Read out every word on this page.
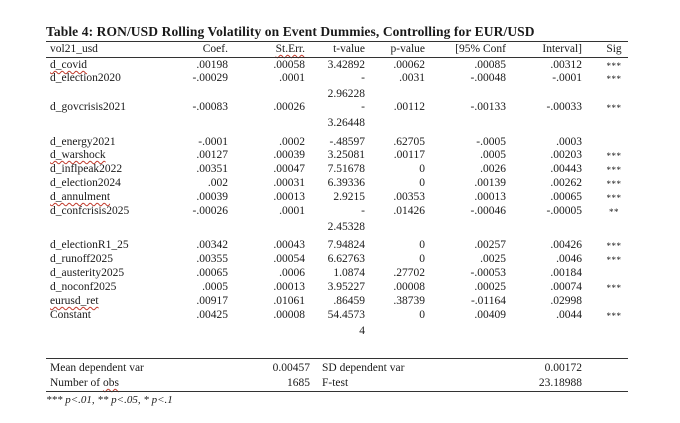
Table 4: RON/USD Rolling Volatility on Event Dummies, Controlling for EUR/USD
vol21_usd	Coef.	St.Err.	t-value	p-value	[95% Conf	Interval]	Sig
d_covid	.00198	.00058	3.42892	.00062	.00085	.00312	***
d_election2020	-.00029	.0001	-	.0031	-.00048	-.0001	***
2.96228
d_govcrisis2021	-.00083	.00026	-	.00112	-.00133	-.00033	***
3.26448
d_energy2021	-.0001	.0002	-.48597	.62705	-.0005	.0003
d_warshock	.00127	.00039	3.25081	.00117	.0005	.00203	***
d_inflpeak2022	.00351	.00047	7.51678	0	.0026	.00443	***
d_election2024	.002	.00031	6.39336	0	.00139	.00262	***
d_annulment	.00039	.00013	2.9215	.00353	.00013	.00065	***
d_confcrisis2025	-.00026	.0001	-	.01426	-.00046	-.00005	**
2.45328
d_electionR1_25	.00342	.00043	7.94824	0	.00257	.00426	***
d_runoff2025	.00355	.00054	6.62763	0	.0025	.0046	***
d_austerity2025	.00065	.0006	1.0874	.27702	-.00053	.00184
d_noconf2025	.0005	.00013	3.95227	.00008	.00025	.00074	***
eurusd_ret	.00917	.01061	.86459	.38739	-.01164	.02998
Constant	.00425	.00008	54.4573	0	.00409	.0044	***
4
Mean dependent var	0.00457 SD dependent var	0.00172
Number of obs	1685 F-test	23.18988
*** p<.01, ** p<.05, * p<.1
